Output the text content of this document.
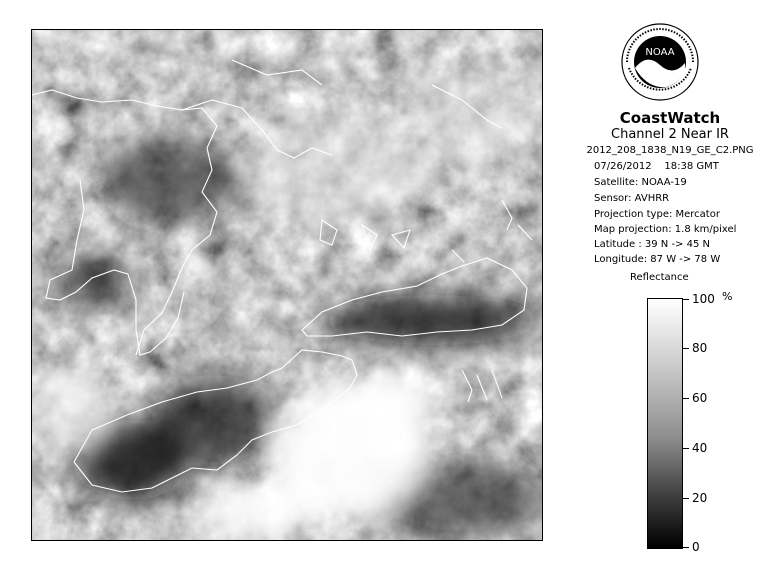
NOAA
CoastWatch
Channel 2 Near IR
2012_208_1838_N19_GE_C2.PNG
07/26/2012 18:38 GMT
Satellite: NOAA-19
Sensor: AVHRR
Projection type: Mercator
Map projection: 1.8 km/pixel
Latitude : 39 N -> 45 N
Longitude: 87 W -> 78 W
Reflectance
%
100
80
60
40
20
0
